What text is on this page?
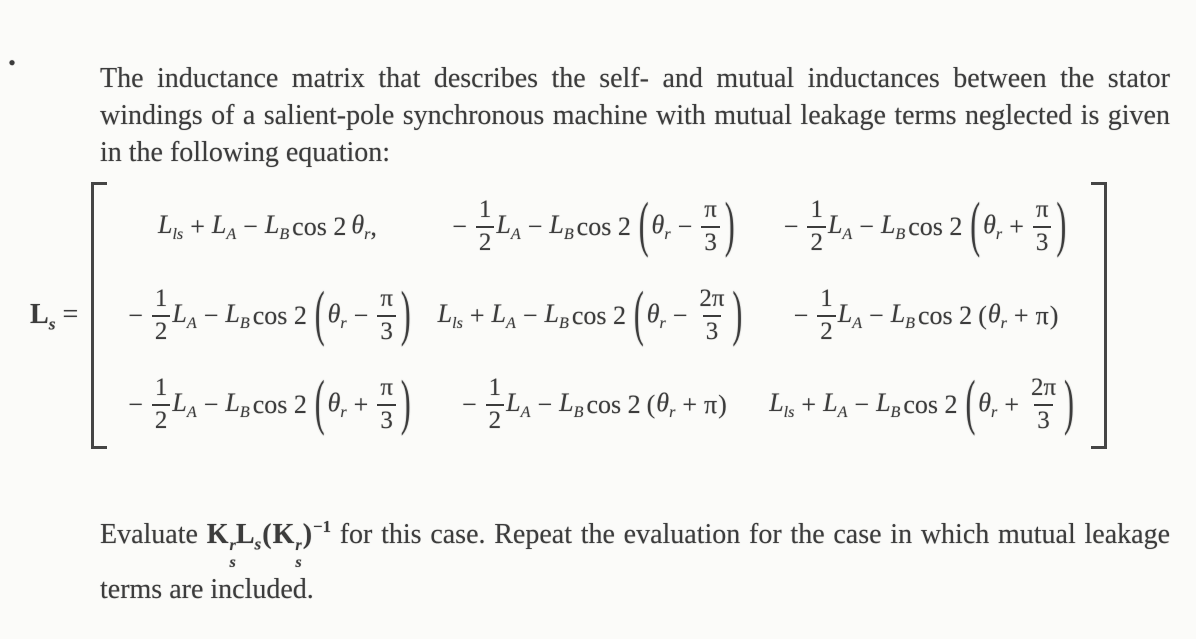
.

The inductance matrix that describes the self- and mutual inductances between the stator windings of a salient-pole synchronous machine with mutual leakage terms neglected is given in the following equation:

$L_s$ =
$L_{ls} + L_A - L_B$ cos 2 $\theta_r$ ,	− $\frac{1}{2} L_A - L_B$ cos 2 ( $\theta_r - \frac{\pi}{3}$ ) − $\frac{1}{2} L_A - L_B$ cos 2 ( $\theta_r + \frac{\pi}{3}$ )
− $\frac{1}{2} L_A - L_B$ cos 2 ( $\theta_r - \frac{\pi}{3}$ ) $L_{ls} + L_A - L_B$ cos 2 ( $\theta_r - \frac{2\pi}{3}$ ) − $\frac{1}{2} L_A - L_B$ cos 2 ( $\theta_r + \pi$ )
− $\frac{1}{2} L_A - L_B$ cos 2 ( $\theta_r + \frac{\pi}{3}$ ) − $\frac{1}{2} L_A - L_B$ cos 2 ( $\theta_r + \pi$ ) $L_{ls} + L_A - L_B$ cos 2 ( $\theta_r + \frac{2\pi}{3}$ )

Evaluate K r
s
$L_s(K$ r
s
)$^{-1}$ for this case. Repeat the evaluation for the case in which mutual leakage terms are included.
